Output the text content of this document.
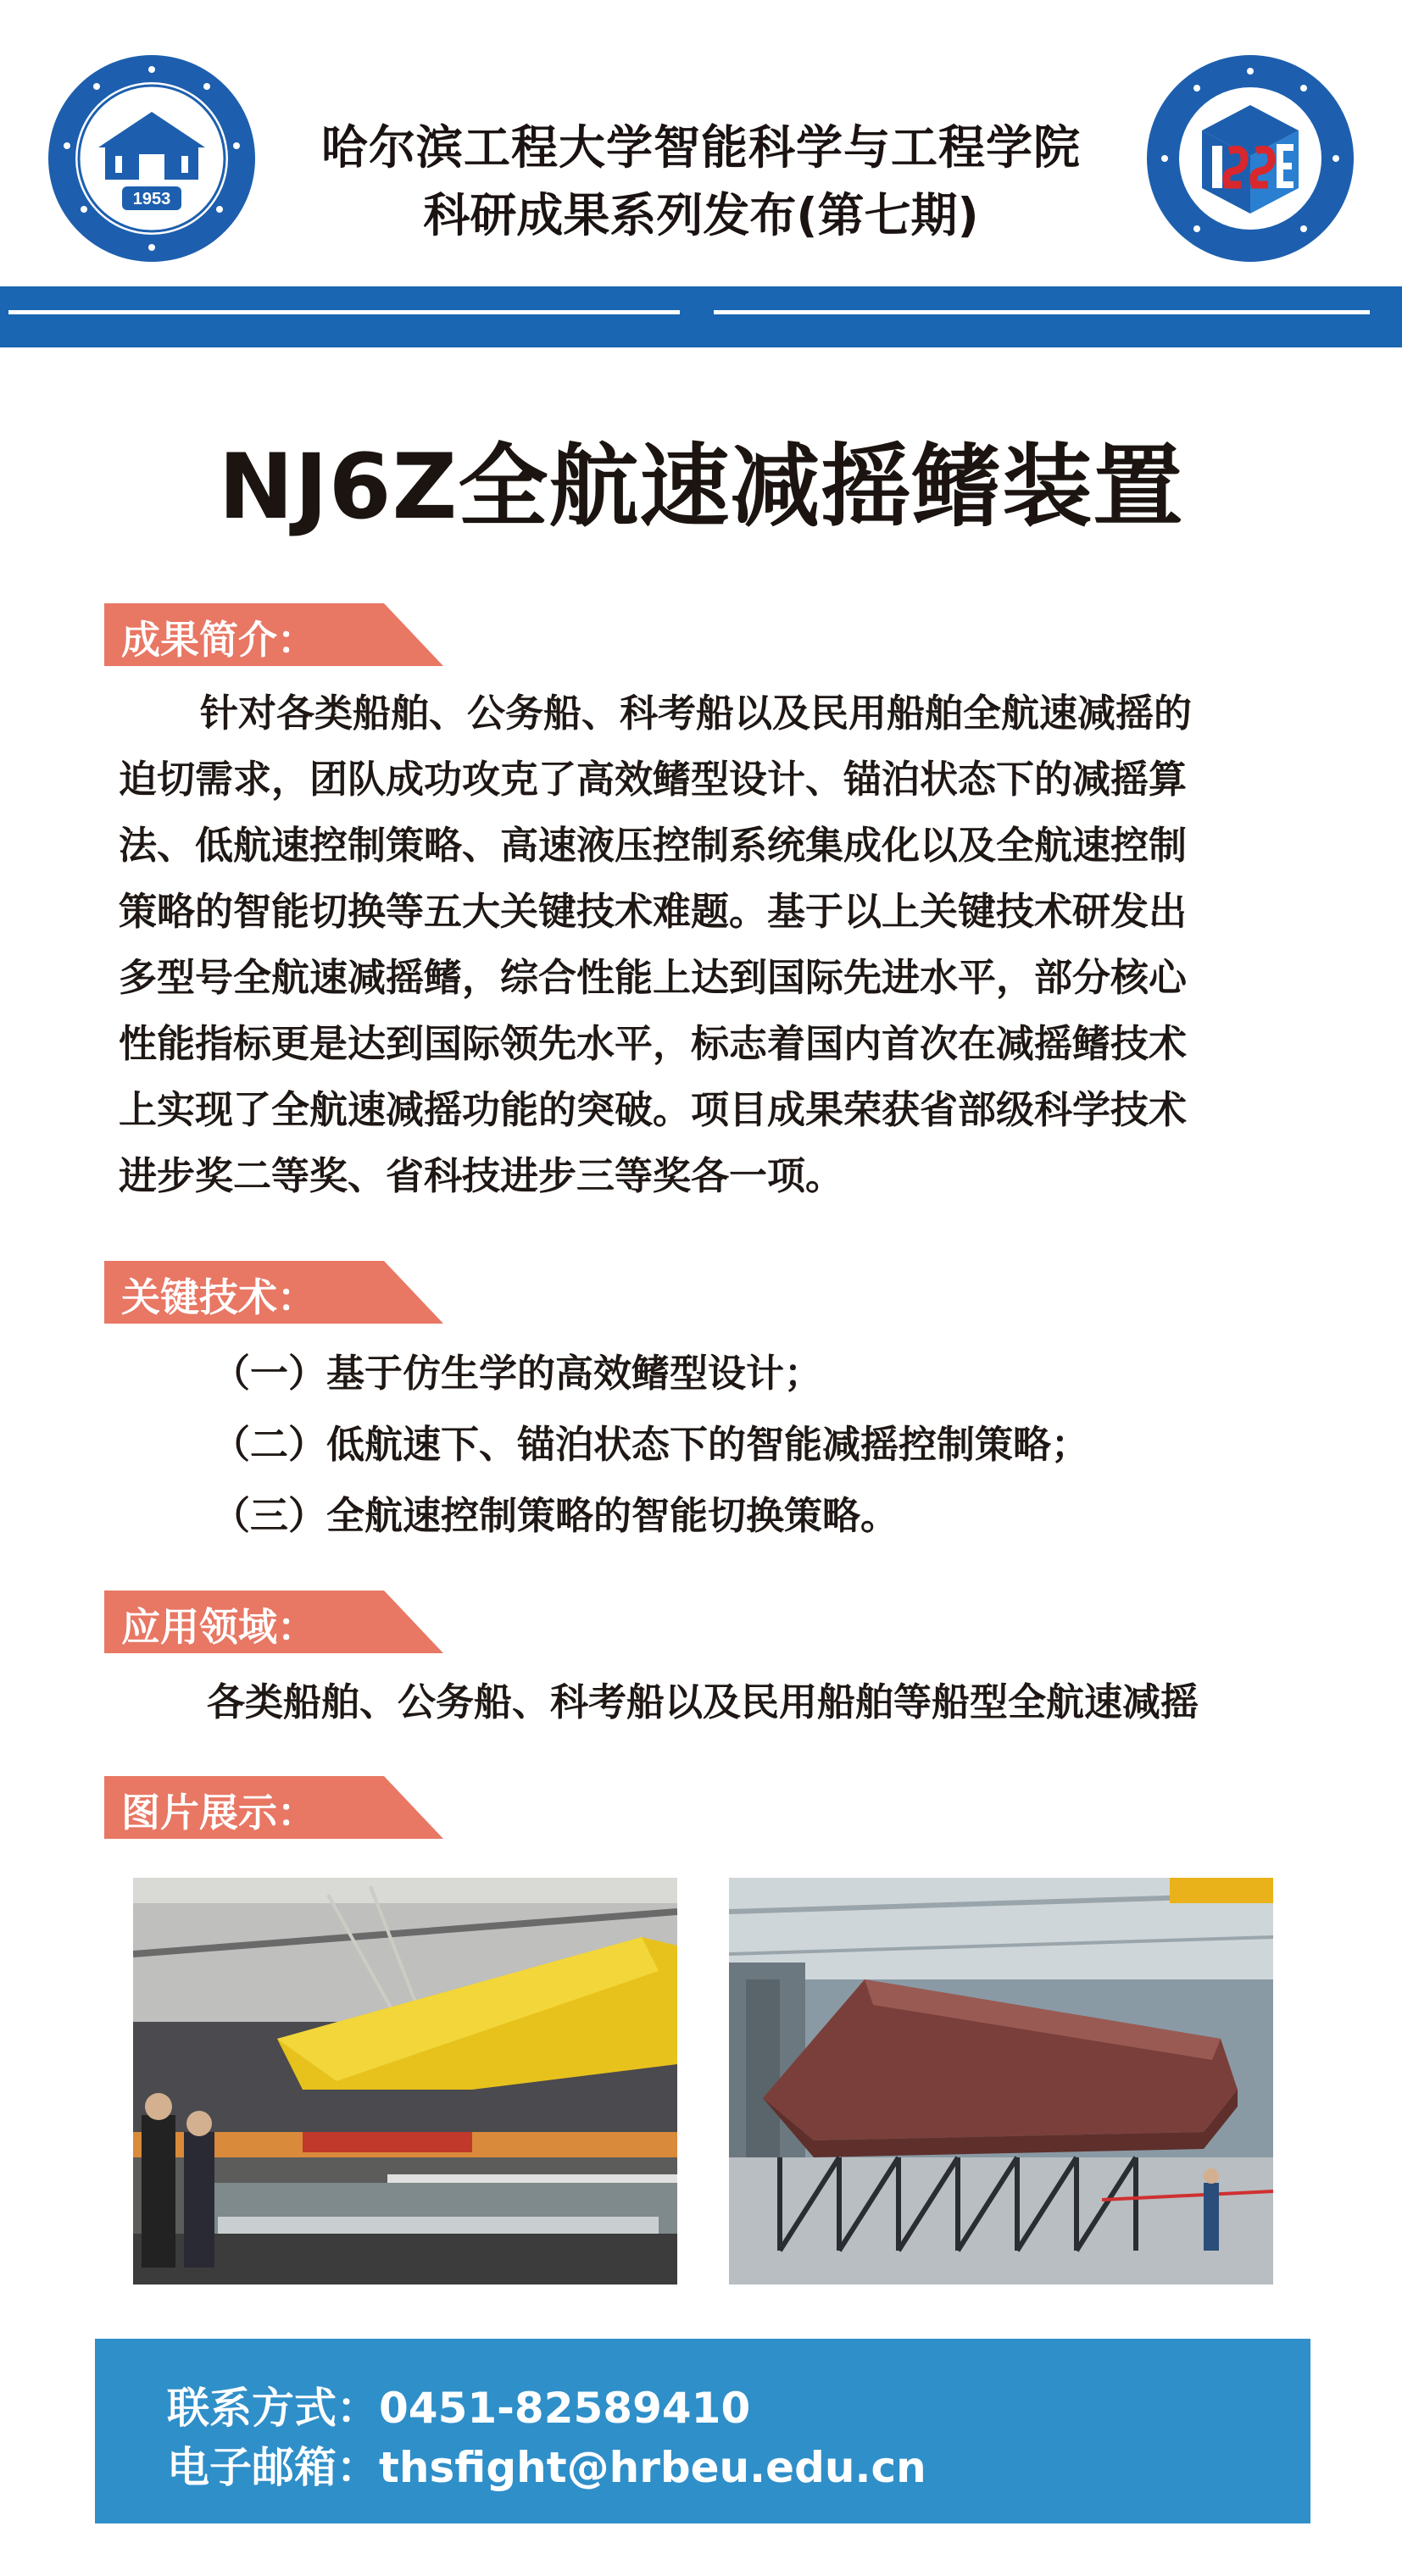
1953
哈尔滨工程大学智能科学与工程学院
科研成果系列发布(第七期)
NJ6Z全航速减摇鳍装置
成果简介：
针对各类船舶、公务船、科考船以及民用船舶全航速减摇的
迫切需求，团队成功攻克了高效鳍型设计、锚泊状态下的减摇算
法、低航速控制策略、高速液压控制系统集成化以及全航速控制
策略的智能切换等五大关键技术难题。基于以上关键技术研发出
多型号全航速减摇鳍，综合性能上达到国际先进水平，部分核心
性能指标更是达到国际领先水平，标志着国内首次在减摇鳍技术
上实现了全航速减摇功能的突破。项目成果荣获省部级科学技术
进步奖二等奖、省科技进步三等奖各一项。
关键技术：
（一）基于仿生学的高效鳍型设计；
（二）低航速下、锚泊状态下的智能减摇控制策略；
（三）全航速控制策略的智能切换策略。
应用领域：
各类船舶、公务船、科考船以及民用船舶等船型全航速减摇
图片展示：
联系方式：0451-82589410
电子邮箱：thsfight@hrbeu.edu.cn
